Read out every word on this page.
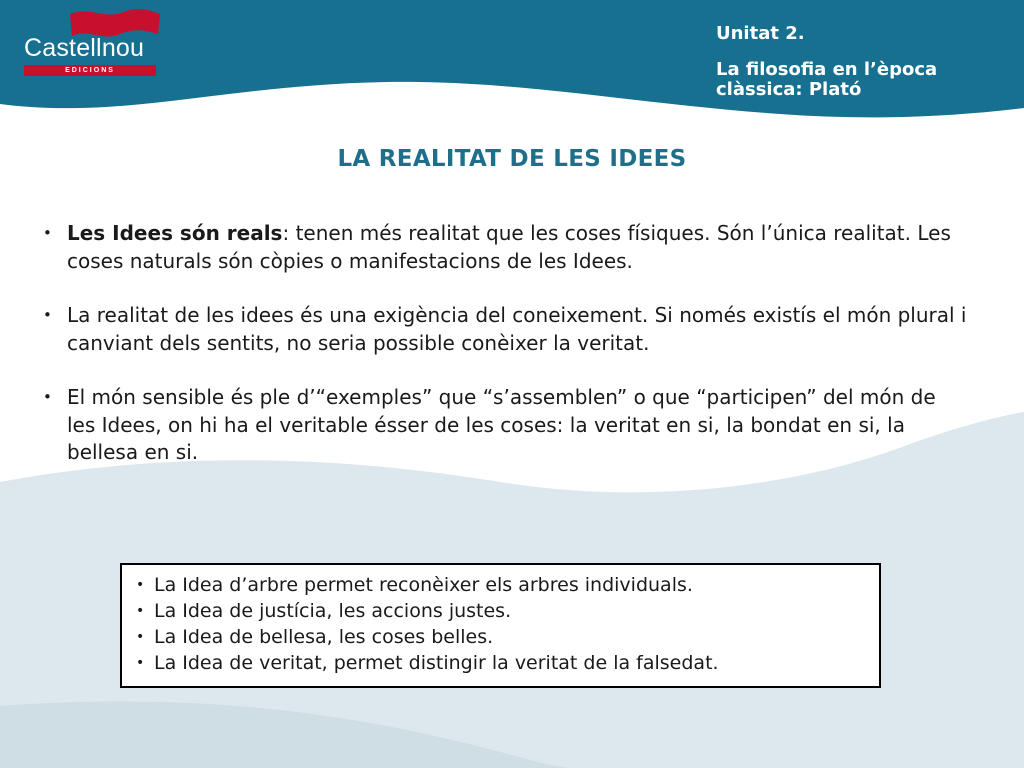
Castellnou
EDICIONS
Unitat 2.
La filosofia en l’època clàssica: Plató
LA REALITAT DE LES IDEES
• Les Idees són reals: tenen més realitat que les coses físiques. Són l’única realitat. Les coses naturals són còpies o manifestacions de les Idees.
• La realitat de les idees és una exigència del coneixement. Si només existís el món plural i canviant dels sentits, no seria possible conèixer la veritat.
• El món sensible és ple d’“exemples” que “s’assemblen” o que “participen” del món de les Idees, on hi ha el veritable ésser de les coses: la veritat en si, la bondat en si, la bellesa en si.
• La Idea d’arbre permet reconèixer els arbres individuals.
• La Idea de justícia, les accions justes.
• La Idea de bellesa, les coses belles.
• La Idea de veritat, permet distingir la veritat de la falsedat.
